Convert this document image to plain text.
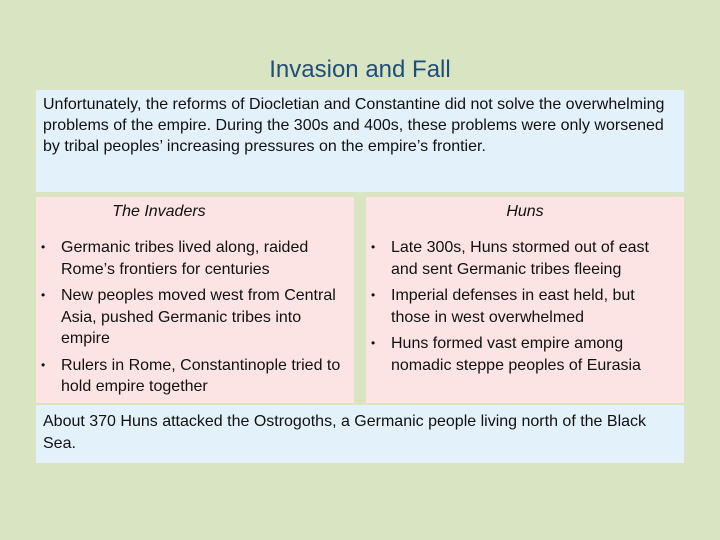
Invasion and Fall
Unfortunately, the reforms of Diocletian and Constantine did not solve the overwhelming problems of the empire. During the 300s and 400s, these problems were only worsened by tribal peoples’ increasing pressures on the empire’s frontier.
The Invaders
• Germanic tribes lived along, raided Rome’s frontiers for centuries
• New peoples moved west from Central Asia, pushed Germanic tribes into empire
• Rulers in Rome, Constantinople tried to hold empire together
Huns
• Late 300s, Huns stormed out of east and sent Germanic tribes fleeing
• Imperial defenses in east held, but those in west overwhelmed
• Huns formed vast empire among nomadic steppe peoples of Eurasia
About 370 Huns attacked the Ostrogoths, a Germanic people living north of the Black Sea.
